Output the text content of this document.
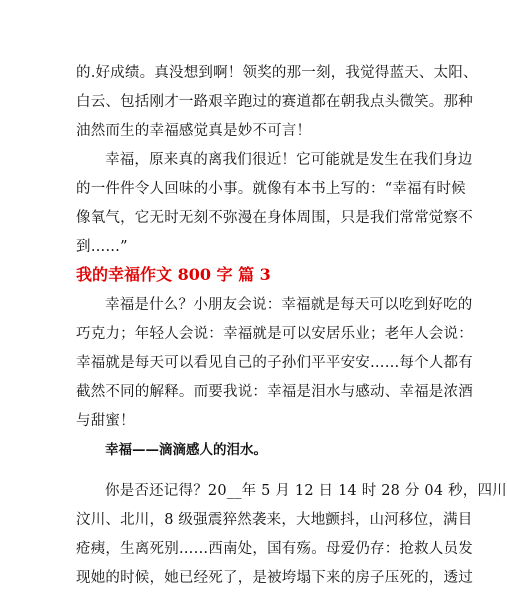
的.好成绩。真没想到啊！领奖的那一刻，我觉得蓝天、太阳、
白云、包括刚才一路艰辛跑过的赛道都在朝我点头微笑。那种
油然而生的幸福感觉真是妙不可言！
幸福，原来真的离我们很近！它可能就是发生在我们身边
的一件件令人回味的小事。就像有本书上写的：“幸福有时候
像氧气，它无时无刻不弥漫在身体周围，只是我们常常觉察不
到……”
我的幸福作文 800 字 篇 3
幸福是什么？小朋友会说：幸福就是每天可以吃到好吃的
巧克力；年轻人会说：幸福就是可以安居乐业；老年人会说：
幸福就是每天可以看见自己的子孙们平平安安……每个人都有
截然不同的解释。而要我说：幸福是泪水与感动、幸福是浓酒
与甜蜜！
幸福——滴滴感人的泪水。
你是否还记得？20__年 5 月 12 日 14 时 28 分 04 秒，四川
汶川、北川，8 级强震猝然袭来，大地颤抖，山河移位，满目
疮痍，生离死别……西南处，国有殇。母爱仍存：抢救人员发
现她的时候，她已经死了，是被垮塌下来的房子压死的，透过
